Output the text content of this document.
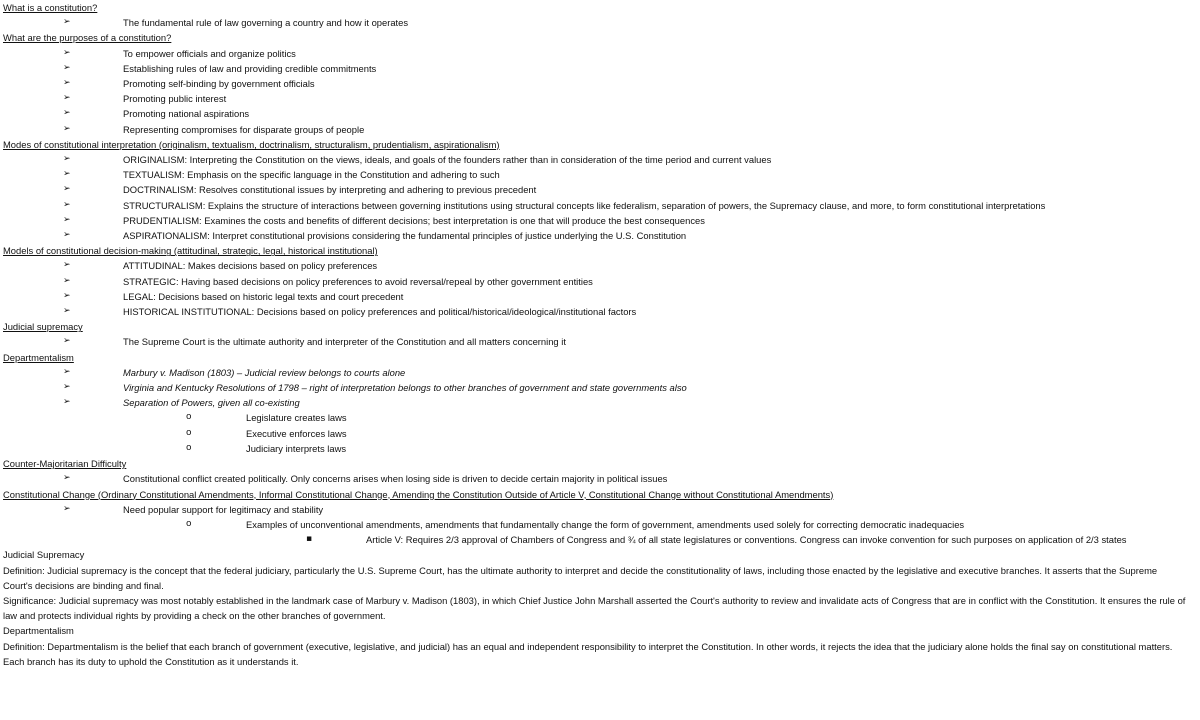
What is a constitution?
➢	The fundamental rule of law governing a country and how it operates
What are the purposes of a constitution?
➢	To empower officials and organize politics
➢	Establishing rules of law and providing credible commitments
➢	Promoting self-binding by government officials
➢	Promoting public interest
➢	Promoting national aspirations
➢	Representing compromises for disparate groups of people
Modes of constitutional interpretation (originalism, textualism, doctrinalism, structuralism, prudentialism, aspirationalism)
➢	ORIGINALISM: Interpreting the Constitution on the views, ideals, and goals of the founders rather than in consideration of the time period and current values
➢	TEXTUALISM: Emphasis on the specific language in the Constitution and adhering to such
➢	DOCTRINALISM: Resolves constitutional issues by interpreting and adhering to previous precedent
➢	STRUCTURALISM: Explains the structure of interactions between governing institutions using structural concepts like federalism, separation of powers, the Supremacy clause, and more, to form constitutional interpretations
➢	PRUDENTIALISM: Examines the costs and benefits of different decisions; best interpretation is one that will produce the best consequences
➢	ASPIRATIONALISM: Interpret constitutional provisions considering the fundamental principles of justice underlying the U.S. Constitution
Models of constitutional decision-making (attitudinal, strategic, legal, historical institutional)
➢	ATTITUDINAL: Makes decisions based on policy preferences
➢	STRATEGIC: Having based decisions on policy preferences to avoid reversal/repeal by other government entities
➢	LEGAL: Decisions based on historic legal texts and court precedent
➢	HISTORICAL INSTITUTIONAL: Decisions based on policy preferences and political/historical/ideological/institutional factors
Judicial supremacy
➢	The Supreme Court is the ultimate authority and interpreter of the Constitution and all matters concerning it
Departmentalism
➢	Marbury v. Madison (1803) – Judicial review belongs to courts alone
➢	Virginia and Kentucky Resolutions of 1798 – right of interpretation belongs to other branches of government and state governments also
➢	Separation of Powers, given all co-existing
o	Legislature creates laws
o	Executive enforces laws
o	Judiciary interprets laws
Counter-Majoritarian Difficulty
➢	Constitutional conflict created politically. Only concerns arises when losing side is driven to decide certain majority in political issues
Constitutional Change (Ordinary Constitutional Amendments, Informal Constitutional Change, Amending the Constitution Outside of Article V, Constitutional Change without Constitutional Amendments)
➢	Need popular support for legitimacy and stability
o	Examples of unconventional amendments, amendments that fundamentally change the form of government, amendments used solely for correcting democratic inadequacies
▪	Article V: Requires 2/3 approval of Chambers of Congress and ¾ of all state legislatures or conventions. Congress can invoke convention for such purposes on application of 2/3 states
Judicial Supremacy
Definition: Judicial supremacy is the concept that the federal judiciary, particularly the U.S. Supreme Court, has the ultimate authority to interpret and decide the constitutionality of laws, including those enacted by the legislative and executive branches. It asserts that the Supreme Court's decisions are binding and final.
Significance: Judicial supremacy was most notably established in the landmark case of Marbury v. Madison (1803), in which Chief Justice John Marshall asserted the Court's authority to review and invalidate acts of Congress that are in conflict with the Constitution. It ensures the rule of law and protects individual rights by providing a check on the other branches of government.
Departmentalism
Definition: Departmentalism is the belief that each branch of government (executive, legislative, and judicial) has an equal and independent responsibility to interpret the Constitution. In other words, it rejects the idea that the judiciary alone holds the final say on constitutional matters. Each branch has its duty to uphold the Constitution as it understands it.
